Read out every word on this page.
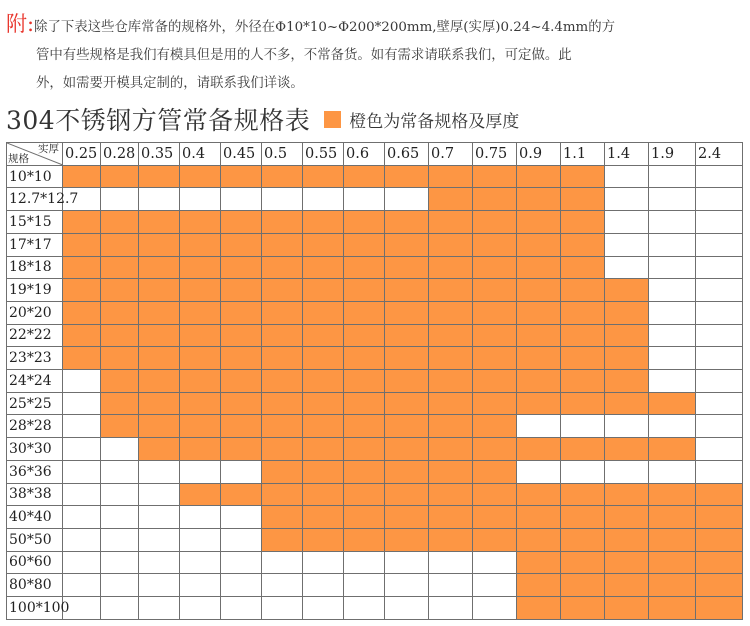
附:除了下表这些仓库常备的规格外，外径在Φ10*10~Φ200*200mm,壁厚(实厚)0.24~4.4mm的方
管中有些规格是我们有模具但是用的人不多，不常备货。如有需求请联系我们，可定做。此
外，如需要开模具定制的，请联系我们详谈。
304不锈钢方管常备规格表 橙色为常备规格及厚度
实厚
规格	0.25	0.28	0.35	0.4	0.45	0.5	0.55	0.6	0.65	0.7	0.75	0.9	1.1	1.4	1.9	2.4
10*10																
12.7*12.7																
15*15																
17*17																
18*18																
19*19																
20*20																
22*22																
23*23																
24*24																
25*25																
28*28																
30*30																
36*36																
38*38																
40*40																
50*50																
60*60																
80*80																
100*100																
